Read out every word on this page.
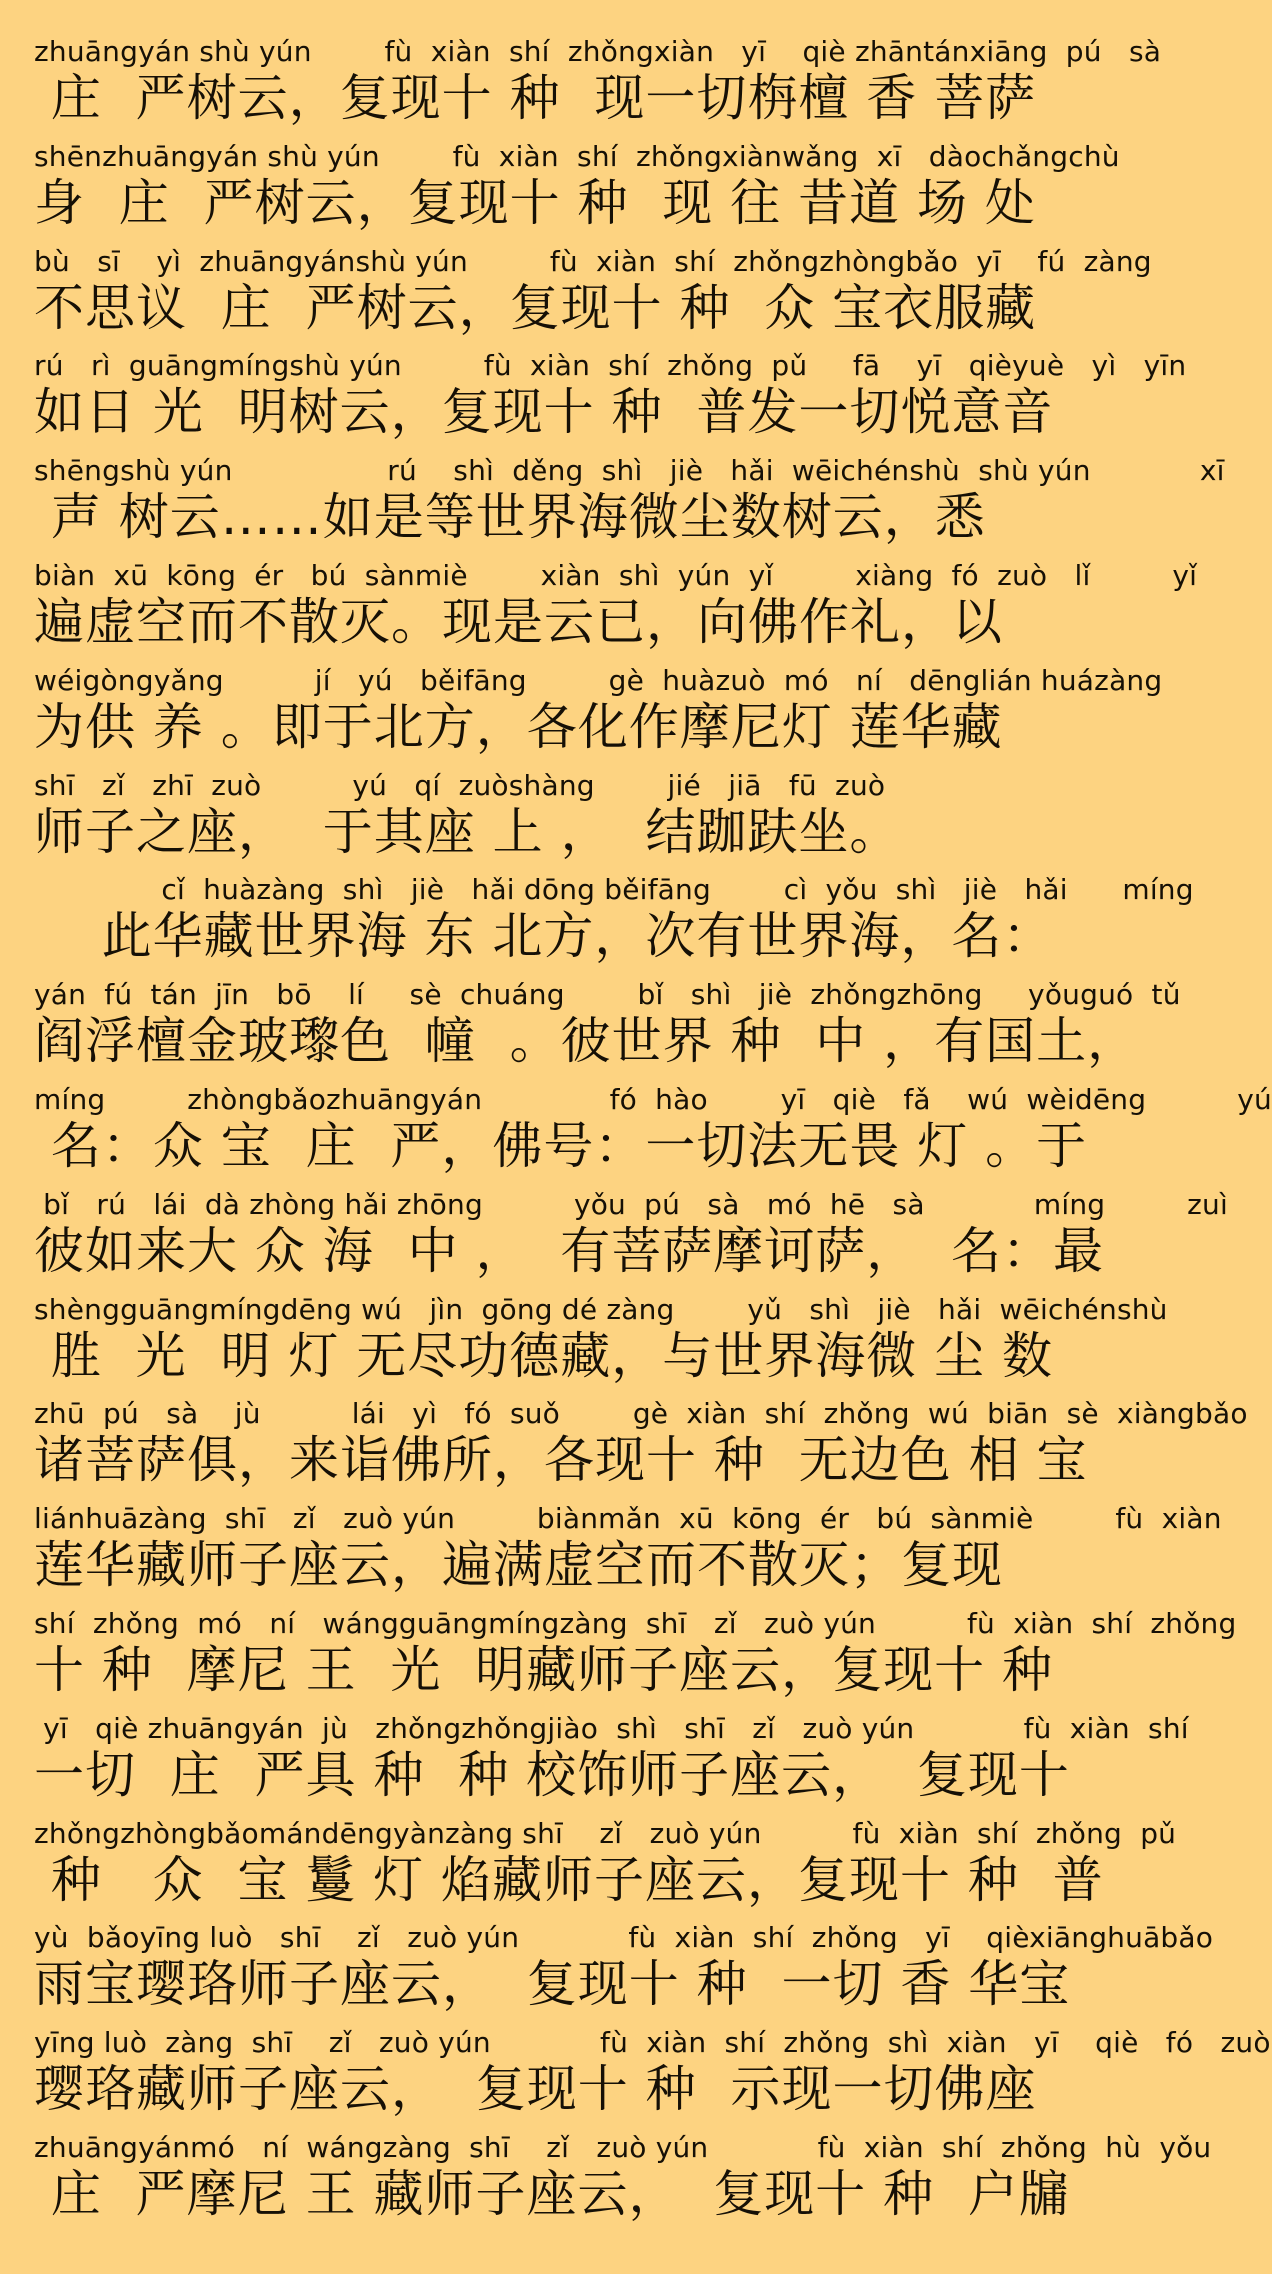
zhuāngyán shù yún        fù  xiàn  shí  zhǒngxiàn   yī    qiè zhāntánxiāng  pú   sà
庄  严树云，复现十 种  现一切栴檀 香 菩萨
shēnzhuāngyán shù yún        fù  xiàn  shí  zhǒngxiànwǎng  xī   dàochǎngchù
身  庄  严树云，复现十 种  现 往 昔道 场 处
bù   sī    yì  zhuāngyánshù yún         fù  xiàn  shí  zhǒngzhòngbǎo  yī    fú  zàng
不思议  庄  严树云，复现十 种  众 宝衣服藏
rú   rì  guāngmíngshù yún         fù  xiàn  shí  zhǒng  pǔ     fā    yī   qièyuè   yì   yīn
如日 光  明树云，复现十 种  普发一切悦意音
shēngshù yún                 rú    shì  děng  shì   jiè   hǎi  wēichénshù  shù yún            xī
声 树云……如是等世界海微尘数树云，悉
biàn  xū  kōng  ér   bú  sànmiè        xiàn  shì  yún  yǐ         xiàng  fó  zuò   lǐ         yǐ
遍虚空而不散灭。现是云已，向佛作礼，以
wéigòngyǎng          jí   yú   běifāng         gè  huàzuò  mó   ní   dēnglián huázàng
为供 养 。即于北方，各化作摩尼灯 莲华藏
shī   zǐ   zhī  zuò          yú   qí  zuòshàng        jié   jiā   fū  zuò
师子之座，  于其座 上 ，  结跏趺坐。
cǐ  huàzàng  shì   jiè   hǎi dōng běifāng        cì  yǒu  shì   jiè   hǎi      míng
此华藏世界海 东 北方，次有世界海，名：
yán  fú  tán  jīn   bō    lí     sè  chuáng        bǐ   shì   jiè  zhǒngzhōng     yǒuguó  tǔ
阎浮檀金玻瓈色  幢  。彼世界 种  中 ，有国土，
míng         zhòngbǎozhuāngyán              fó  hào        yī   qiè   fǎ    wú  wèidēng          yú
名：众 宝  庄  严，佛号：一切法无畏 灯 。于
bǐ   rú   lái  dà zhòng hǎi zhōng          yǒu  pú   sà   mó  hē   sà            míng         zuì
彼如来大 众 海  中 ，  有菩萨摩诃萨，  名：最
shèngguāngmíngdēng wú   jìn  gōng dé zàng        yǔ   shì   jiè   hǎi  wēichénshù
胜  光  明 灯 无尽功德藏，与世界海微 尘 数
zhū  pú   sà    jù          lái   yì   fó  suǒ        gè  xiàn  shí  zhǒng  wú  biān  sè  xiàngbǎo
诸菩萨俱，来诣佛所，各现十 种  无边色 相 宝
liánhuāzàng  shī   zǐ   zuò yún         biànmǎn  xū  kōng  ér   bú  sànmiè         fù  xiàn
莲华藏师子座云，遍满虚空而不散灭；复现
shí  zhǒng  mó   ní   wángguāngmíngzàng  shī   zǐ   zuò yún          fù  xiàn  shí  zhǒng
十 种  摩尼 王  光  明藏师子座云，复现十 种
yī   qiè zhuāngyán  jù   zhǒngzhǒngjiào  shì   shī   zǐ   zuò yún            fù  xiàn  shí
一切  庄  严具 种  种 校饰师子座云，  复现十
zhǒngzhòngbǎomándēngyànzàng shī    zǐ   zuò yún          fù  xiàn  shí  zhǒng  pǔ
种   众  宝 鬘 灯 焰藏师子座云，复现十 种  普
yù  bǎoyīng luò   shī    zǐ   zuò yún            fù  xiàn  shí  zhǒng   yī    qièxiānghuābǎo
雨宝璎珞师子座云，  复现十 种  一切 香 华宝
yīng luò  zàng  shī    zǐ   zuò yún            fù  xiàn  shí  zhǒng  shì  xiàn   yī    qiè   fó   zuò
璎珞藏师子座云，  复现十 种  示现一切佛座
zhuāngyánmó   ní  wángzàng  shī    zǐ   zuò yún            fù  xiàn  shí  zhǒng  hù  yǒu
庄  严摩尼 王 藏师子座云，  复现十 种  户牖
